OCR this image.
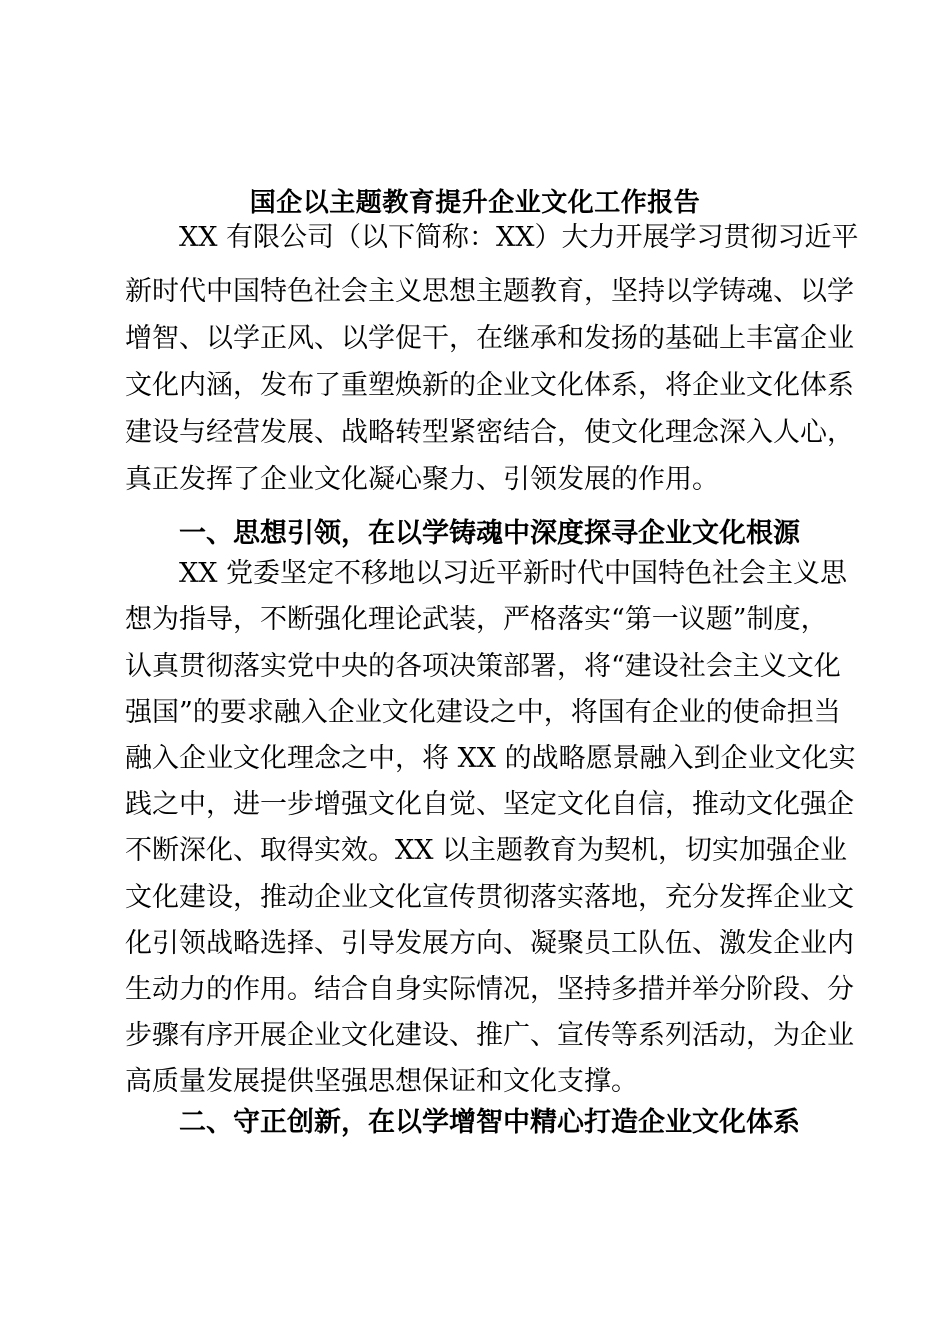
国企以主题教育提升企业文化工作报告
XX 有限公司（以下简称：XX）大力开展学习贯彻习近平
新时代中国特色社会主义思想主题教育，坚持以学铸魂、以学
增智、以学正风、以学促干，在继承和发扬的基础上丰富企业
文化内涵，发布了重塑焕新的企业文化体系，将企业文化体系
建设与经营发展、战略转型紧密结合，使文化理念深入人心，
真正发挥了企业文化凝心聚力、引领发展的作用。
一、思想引领，在以学铸魂中深度探寻企业文化根源
XX 党委坚定不移地以习近平新时代中国特色社会主义思
想为指导，不断强化理论武装，严格落实“第一议题”制度，
认真贯彻落实党中央的各项决策部署，将“建设社会主义文化
强国”的要求融入企业文化建设之中，将国有企业的使命担当
融入企业文化理念之中，将 XX 的战略愿景融入到企业文化实
践之中，进一步增强文化自觉、坚定文化自信，推动文化强企
不断深化、取得实效。XX 以主题教育为契机，切实加强企业
文化建设，推动企业文化宣传贯彻落实落地，充分发挥企业文
化引领战略选择、引导发展方向、凝聚员工队伍、激发企业内
生动力的作用。结合自身实际情况，坚持多措并举分阶段、分
步骤有序开展企业文化建设、推广、宣传等系列活动，为企业
高质量发展提供坚强思想保证和文化支撑。
二、守正创新，在以学增智中精心打造企业文化体系
